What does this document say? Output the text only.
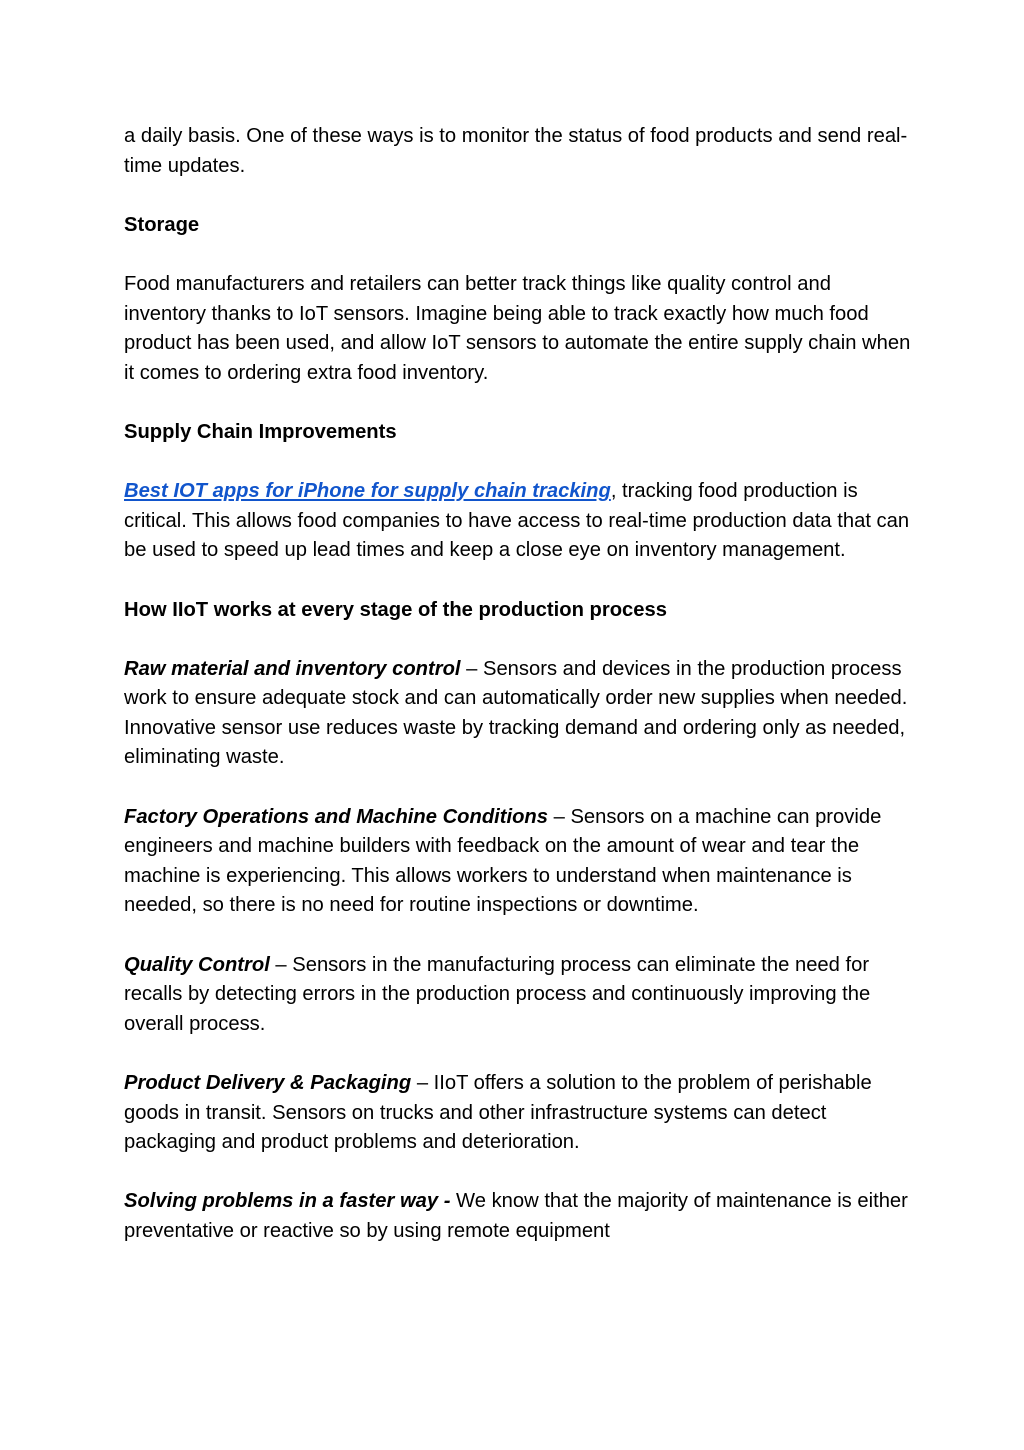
a daily basis. One of these ways is to monitor the status of food products and send real-time updates.

Storage

Food manufacturers and retailers can better track things like quality control and inventory thanks to IoT sensors. Imagine being able to track exactly how much food product has been used, and allow IoT sensors to automate the entire supply chain when it comes to ordering extra food inventory.

Supply Chain Improvements

Best IOT apps for iPhone for supply chain tracking, tracking food production is critical. This allows food companies to have access to real-time production data that can be used to speed up lead times and keep a close eye on inventory management.

How IIoT works at every stage of the production process

Raw material and inventory control – Sensors and devices in the production process work to ensure adequate stock and can automatically order new supplies when needed. Innovative sensor use reduces waste by tracking demand and ordering only as needed, eliminating waste.

Factory Operations and Machine Conditions – Sensors on a machine can provide engineers and machine builders with feedback on the amount of wear and tear the machine is experiencing. This allows workers to understand when maintenance is needed, so there is no need for routine inspections or downtime.

Quality Control – Sensors in the manufacturing process can eliminate the need for recalls by detecting errors in the production process and continuously improving the overall process.

Product Delivery & Packaging – IIoT offers a solution to the problem of perishable goods in transit. Sensors on trucks and other infrastructure systems can detect packaging and product problems and deterioration.

Solving problems in a faster way - We know that the majority of maintenance is either preventative or reactive so by using remote equipment
